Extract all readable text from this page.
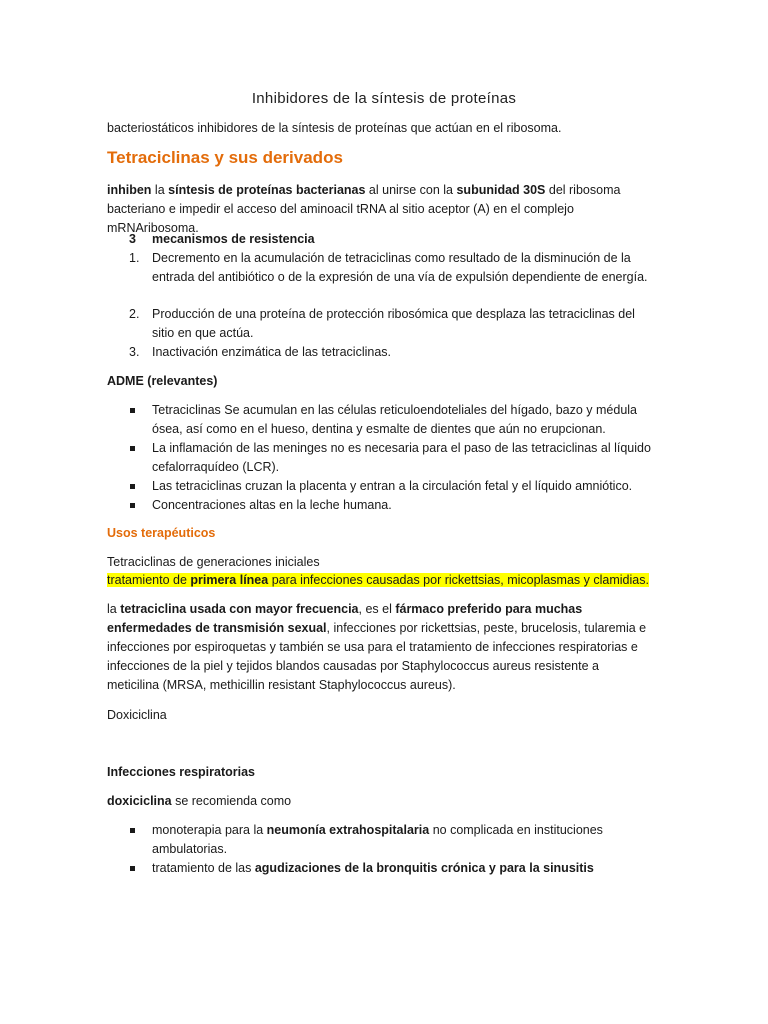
Inhibidores de la síntesis de proteínas
bacteriostáticos inhibidores de la síntesis de proteínas que actúan en el ribosoma.
Tetraciclinas y sus derivados
inhiben la síntesis de proteínas bacterianas al unirse con la subunidad 30S del ribosoma bacteriano e impedir el acceso del aminoacil tRNA al sitio aceptor (A) en el complejo mRNAribosoma.
3 mecanismos de resistencia
1. Decremento en la acumulación de tetraciclinas como resultado de la disminución de la entrada del antibiótico o de la expresión de una vía de expulsión dependiente de energía.
2. Producción de una proteína de protección ribosómica que desplaza las tetraciclinas del sitio en que actúa.
3. Inactivación enzimática de las tetraciclinas.
ADME (relevantes)
Tetraciclinas Se acumulan en las células reticuloendoteliales del hígado, bazo y médula ósea, así como en el hueso, dentina y esmalte de dientes que aún no erupcionan.
La inflamación de las meninges no es necesaria para el paso de las tetraciclinas al líquido cefalorraquídeo (LCR).
Las tetraciclinas cruzan la placenta y entran a la circulación fetal y el líquido amniótico.
Concentraciones altas en la leche humana.
Usos terapéuticos
Tetraciclinas de generaciones iniciales
tratamiento de primera línea para infecciones causadas por rickettsias, micoplasmas y clamidias.
la tetraciclina usada con mayor frecuencia, es el fármaco preferido para muchas enfermedades de transmisión sexual, infecciones por rickettsias, peste, brucelosis, tularemia e infecciones por espiroquetas y también se usa para el tratamiento de infecciones respiratorias e infecciones de la piel y tejidos blandos causadas por Staphylococcus aureus resistente a meticilina (MRSA, methicillin resistant Staphylococcus aureus).
Doxiciclina
Infecciones respiratorias
doxiciclina se recomienda como
monoterapia para la neumonía extrahospitalaria no complicada en instituciones ambulatorias.
tratamiento de las agudizaciones de la bronquitis crónica y para la sinusitis
